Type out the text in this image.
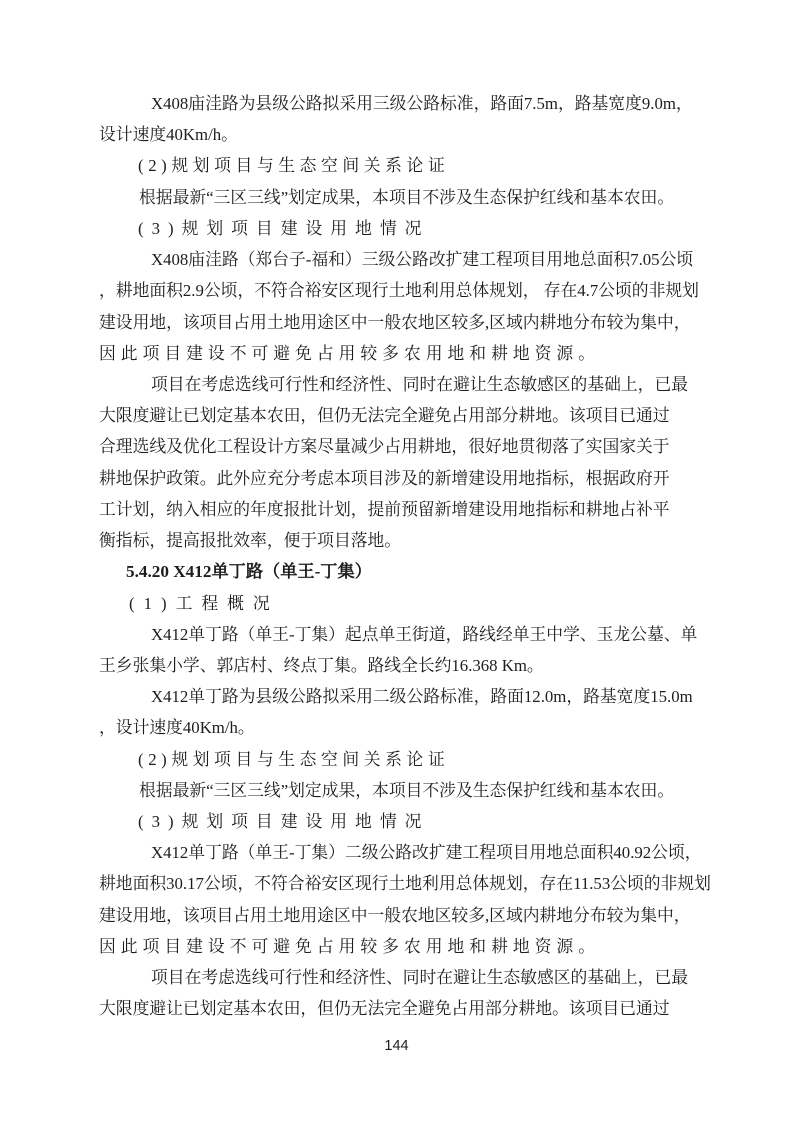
X408庙洼路为县级公路拟采用三级公路标准，路面7.5m，路基宽度9.0m，
设计速度40Km/h。
(2)规划项目与生态空间关系论证
根据最新“三区三线”划定成果，本项目不涉及生态保护红线和基本农田。
(3)规划项目建设用地情况
X408庙洼路（郑台子-福和）三级公路改扩建工程项目用地总面积7.05公顷
，耕地面积2.9公顷，不符合裕安区现行土地利用总体规划， 存在4.7公顷的非规划
建设用地，该项目占用土地用途区中一般农地区较多,区域内耕地分布较为集中，
因此项目建设不可避免占用较多农用地和耕地资源。
项目在考虑选线可行性和经济性、同时在避让生态敏感区的基础上，已最
大限度避让已划定基本农田，但仍无法完全避免占用部分耕地。该项目已通过
合理选线及优化工程设计方案尽量减少占用耕地，很好地贯彻落了实国家关于
耕地保护政策。此外应充分考虑本项目涉及的新增建设用地指标，根据政府开
工计划，纳入相应的年度报批计划，提前预留新增建设用地指标和耕地占补平
衡指标，提高报批效率，便于项目落地。
5.4.20 X412单丁路（单王-丁集）
(1)工程概况
X412单丁路（单王-丁集）起点单王街道，路线经单王中学、玉龙公墓、单
王乡张集小学、郭店村、终点丁集。路线全长约16.368 Km。
X412单丁路为县级公路拟采用二级公路标准，路面12.0m，路基宽度15.0m
，设计速度40Km/h。
(2)规划项目与生态空间关系论证
根据最新“三区三线”划定成果，本项目不涉及生态保护红线和基本农田。
(3)规划项目建设用地情况
X412单丁路（单王-丁集）二级公路改扩建工程项目用地总面积40.92公顷，
耕地面积30.17公顷，不符合裕安区现行土地利用总体规划，存在11.53公顷的非规划
建设用地，该项目占用土地用途区中一般农地区较多,区域内耕地分布较为集中，
因此项目建设不可避免占用较多农用地和耕地资源。
项目在考虑选线可行性和经济性、同时在避让生态敏感区的基础上，已最
大限度避让已划定基本农田，但仍无法完全避免占用部分耕地。该项目已通过
144
